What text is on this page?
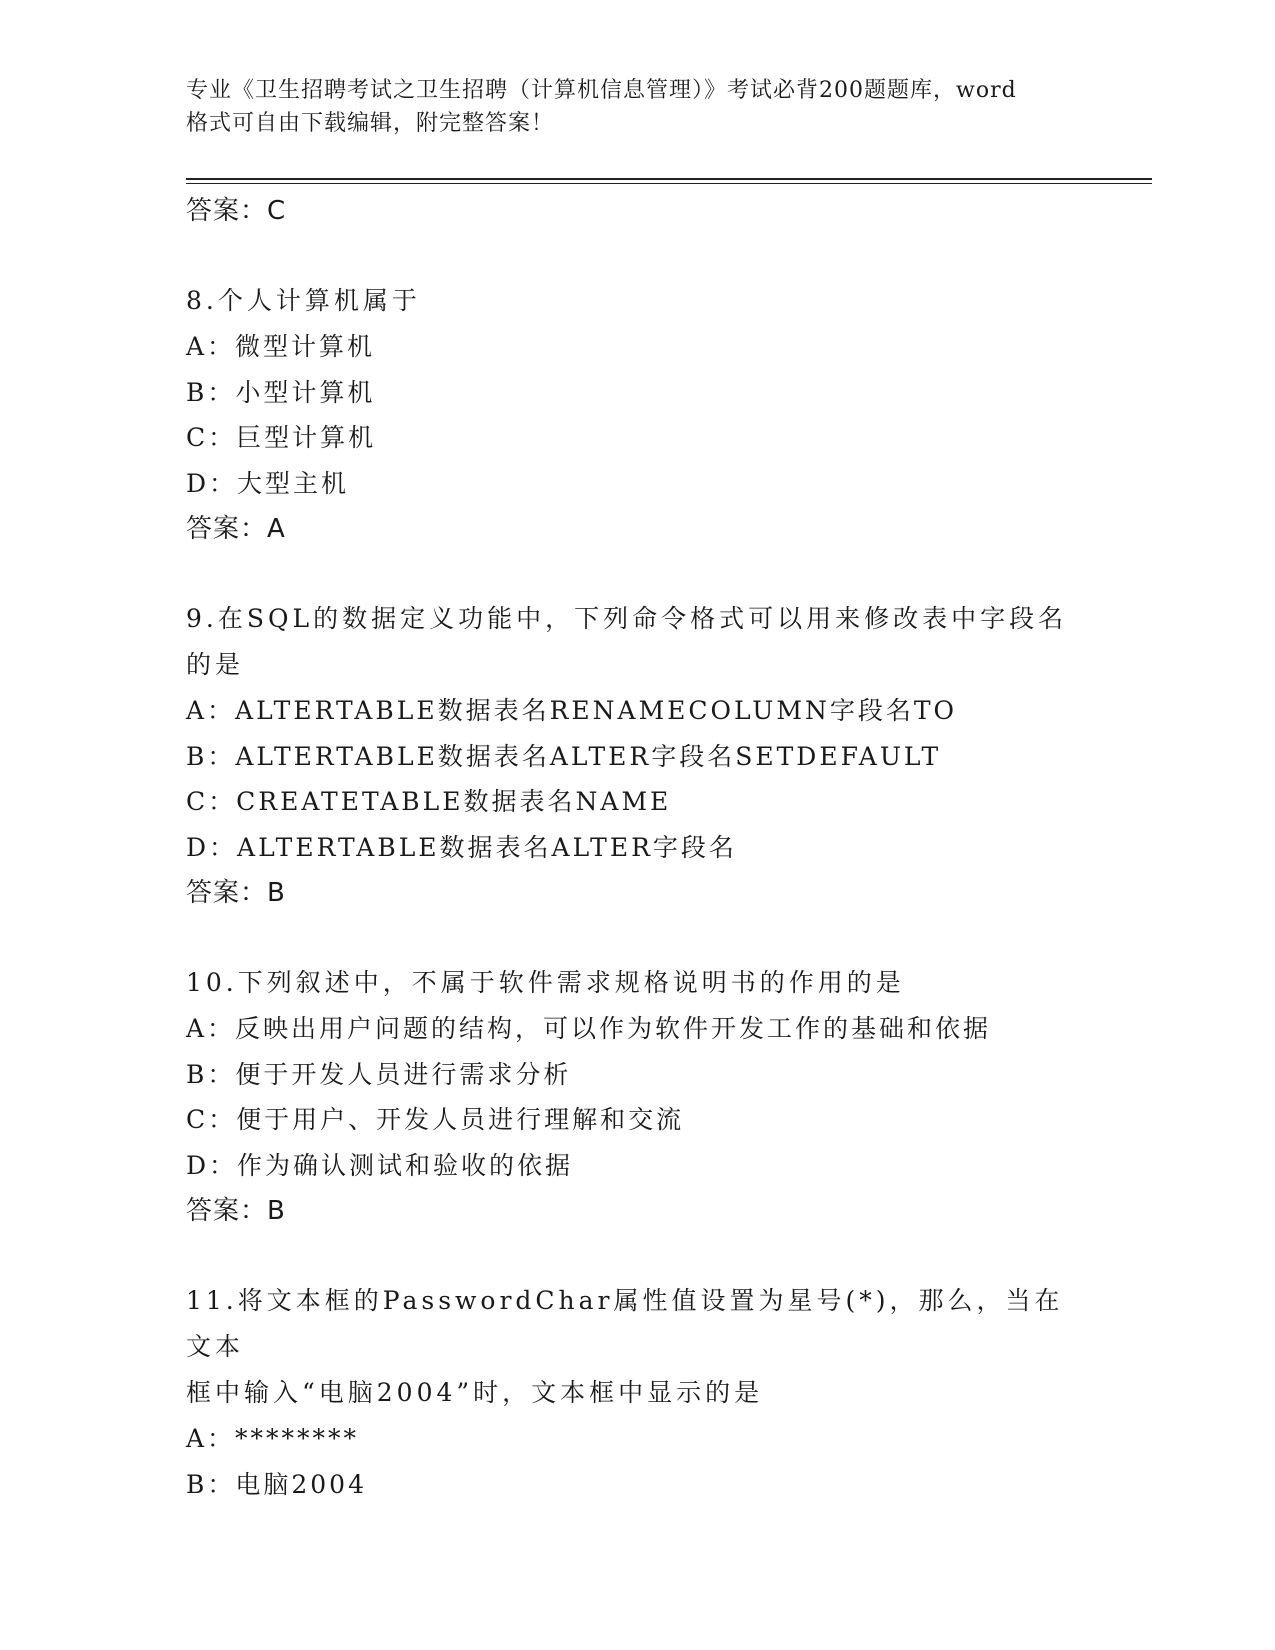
专业《卫生招聘考试之卫生招聘（计算机信息管理）》考试必背200题题库，word
格式可自由下载编辑，附完整答案！
答案：C
8.个人计算机属于
A：微型计算机
B：小型计算机
C：巨型计算机
D：大型主机
答案：A
9.在SQL的数据定义功能中，下列命令格式可以用来修改表中字段名
的是
A：ALTERTABLE数据表名RENAMECOLUMN字段名TO
B：ALTERTABLE数据表名ALTER字段名SETDEFAULT
C：CREATETABLE数据表名NAME
D：ALTERTABLE数据表名ALTER字段名
答案：B
10.下列叙述中，不属于软件需求规格说明书的作用的是
A：反映出用户问题的结构，可以作为软件开发工作的基础和依据
B：便于开发人员进行需求分析
C：便于用户、开发人员进行理解和交流
D：作为确认测试和验收的依据
答案：B
11.将文本框的PasswordChar属性值设置为星号(*)，那么，当在文本
框中输入“电脑2004”时，文本框中显示的是
A：********
B：电脑2004
